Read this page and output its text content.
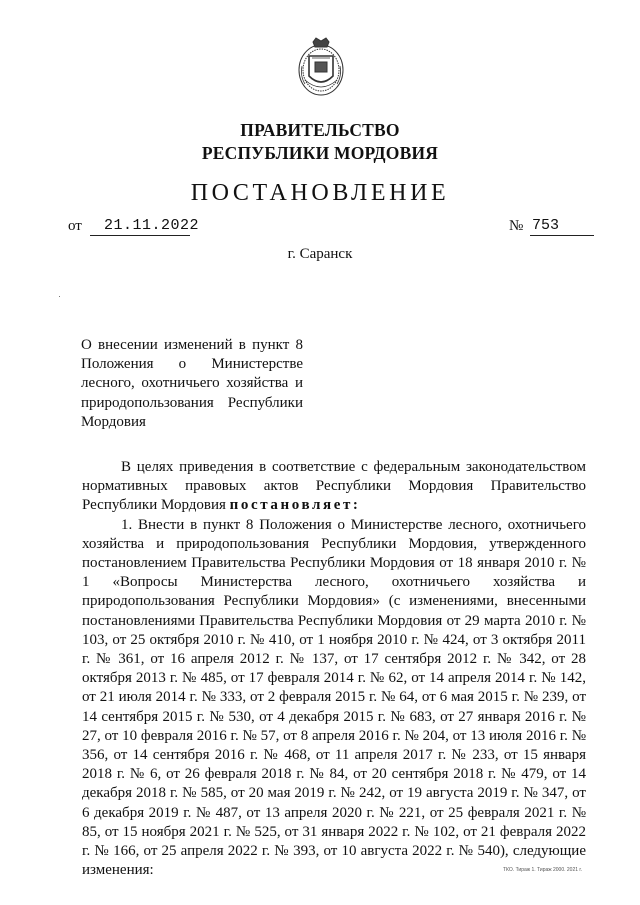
ПРАВИТЕЛЬСТВО
РЕСПУБЛИКИ МОРДОВИЯ
ПОСТАНОВЛЕНИЕ
от 21.11.2022	№ 753
г. Саранск
О внесении изменений в пункт 8 Положения о Министерстве лесного, охотничьего хозяйства и природопользования Республики Мордовия

В целях приведения в соответствие с федеральным законодательством нормативных правовых актов Республики Мордовия Правительство Республики Мордовия постановляет:

1. Внести в пункт 8 Положения о Министерстве лесного, охотничьего хозяйства и природопользования Республики Мордовия, утвержденного постановлением Правительства Республики Мордовия от 18 января 2010 г. № 1 «Вопросы Министерства лесного, охотничьего хозяйства и природопользования Республики Мордовия» (с изменениями, внесенными постановлениями Правительства Республики Мордовия от 29 марта 2010 г. № 103, от 25 октября 2010 г. № 410, от 1 ноября 2010 г. № 424, от 3 октября 2011 г. № 361, от 16 апреля 2012 г. № 137, от 17 сентября 2012 г. № 342, от 28 октября 2013 г. № 485, от 17 февраля 2014 г. № 62, от 14 апреля 2014 г. № 142, от 21 июля 2014 г. № 333, от 2 февраля 2015 г. № 64, от 6 мая 2015 г. № 239, от 14 сентября 2015 г. № 530, от 4 декабря 2015 г. № 683, от 27 января 2016 г. № 27, от 10 февраля 2016 г. № 57, от 8 апреля 2016 г. № 204, от 13 июля 2016 г. № 356, от 14 сентября 2016 г. № 468, от 11 апреля 2017 г. № 233, от 15 января 2018 г. № 6, от 26 февраля 2018 г. № 84, от 20 сентября 2018 г. № 479, от 14 декабря 2018 г. № 585, от 20 мая 2019 г. № 242, от 19 августа 2019 г. № 347, от 6 декабря 2019 г. № 487, от 13 апреля 2020 г. № 221, от 25 февраля 2021 г. № 85, от 15 ноября 2021 г. № 525, от 31 января 2022 г. № 102, от 21 февраля 2022 г. № 166, от 25 апреля 2022 г. № 393, от 10 августа 2022 г. № 540), следующие изменения:	ТКО. Тираж 1. Тираж 2000. 2021 г.
